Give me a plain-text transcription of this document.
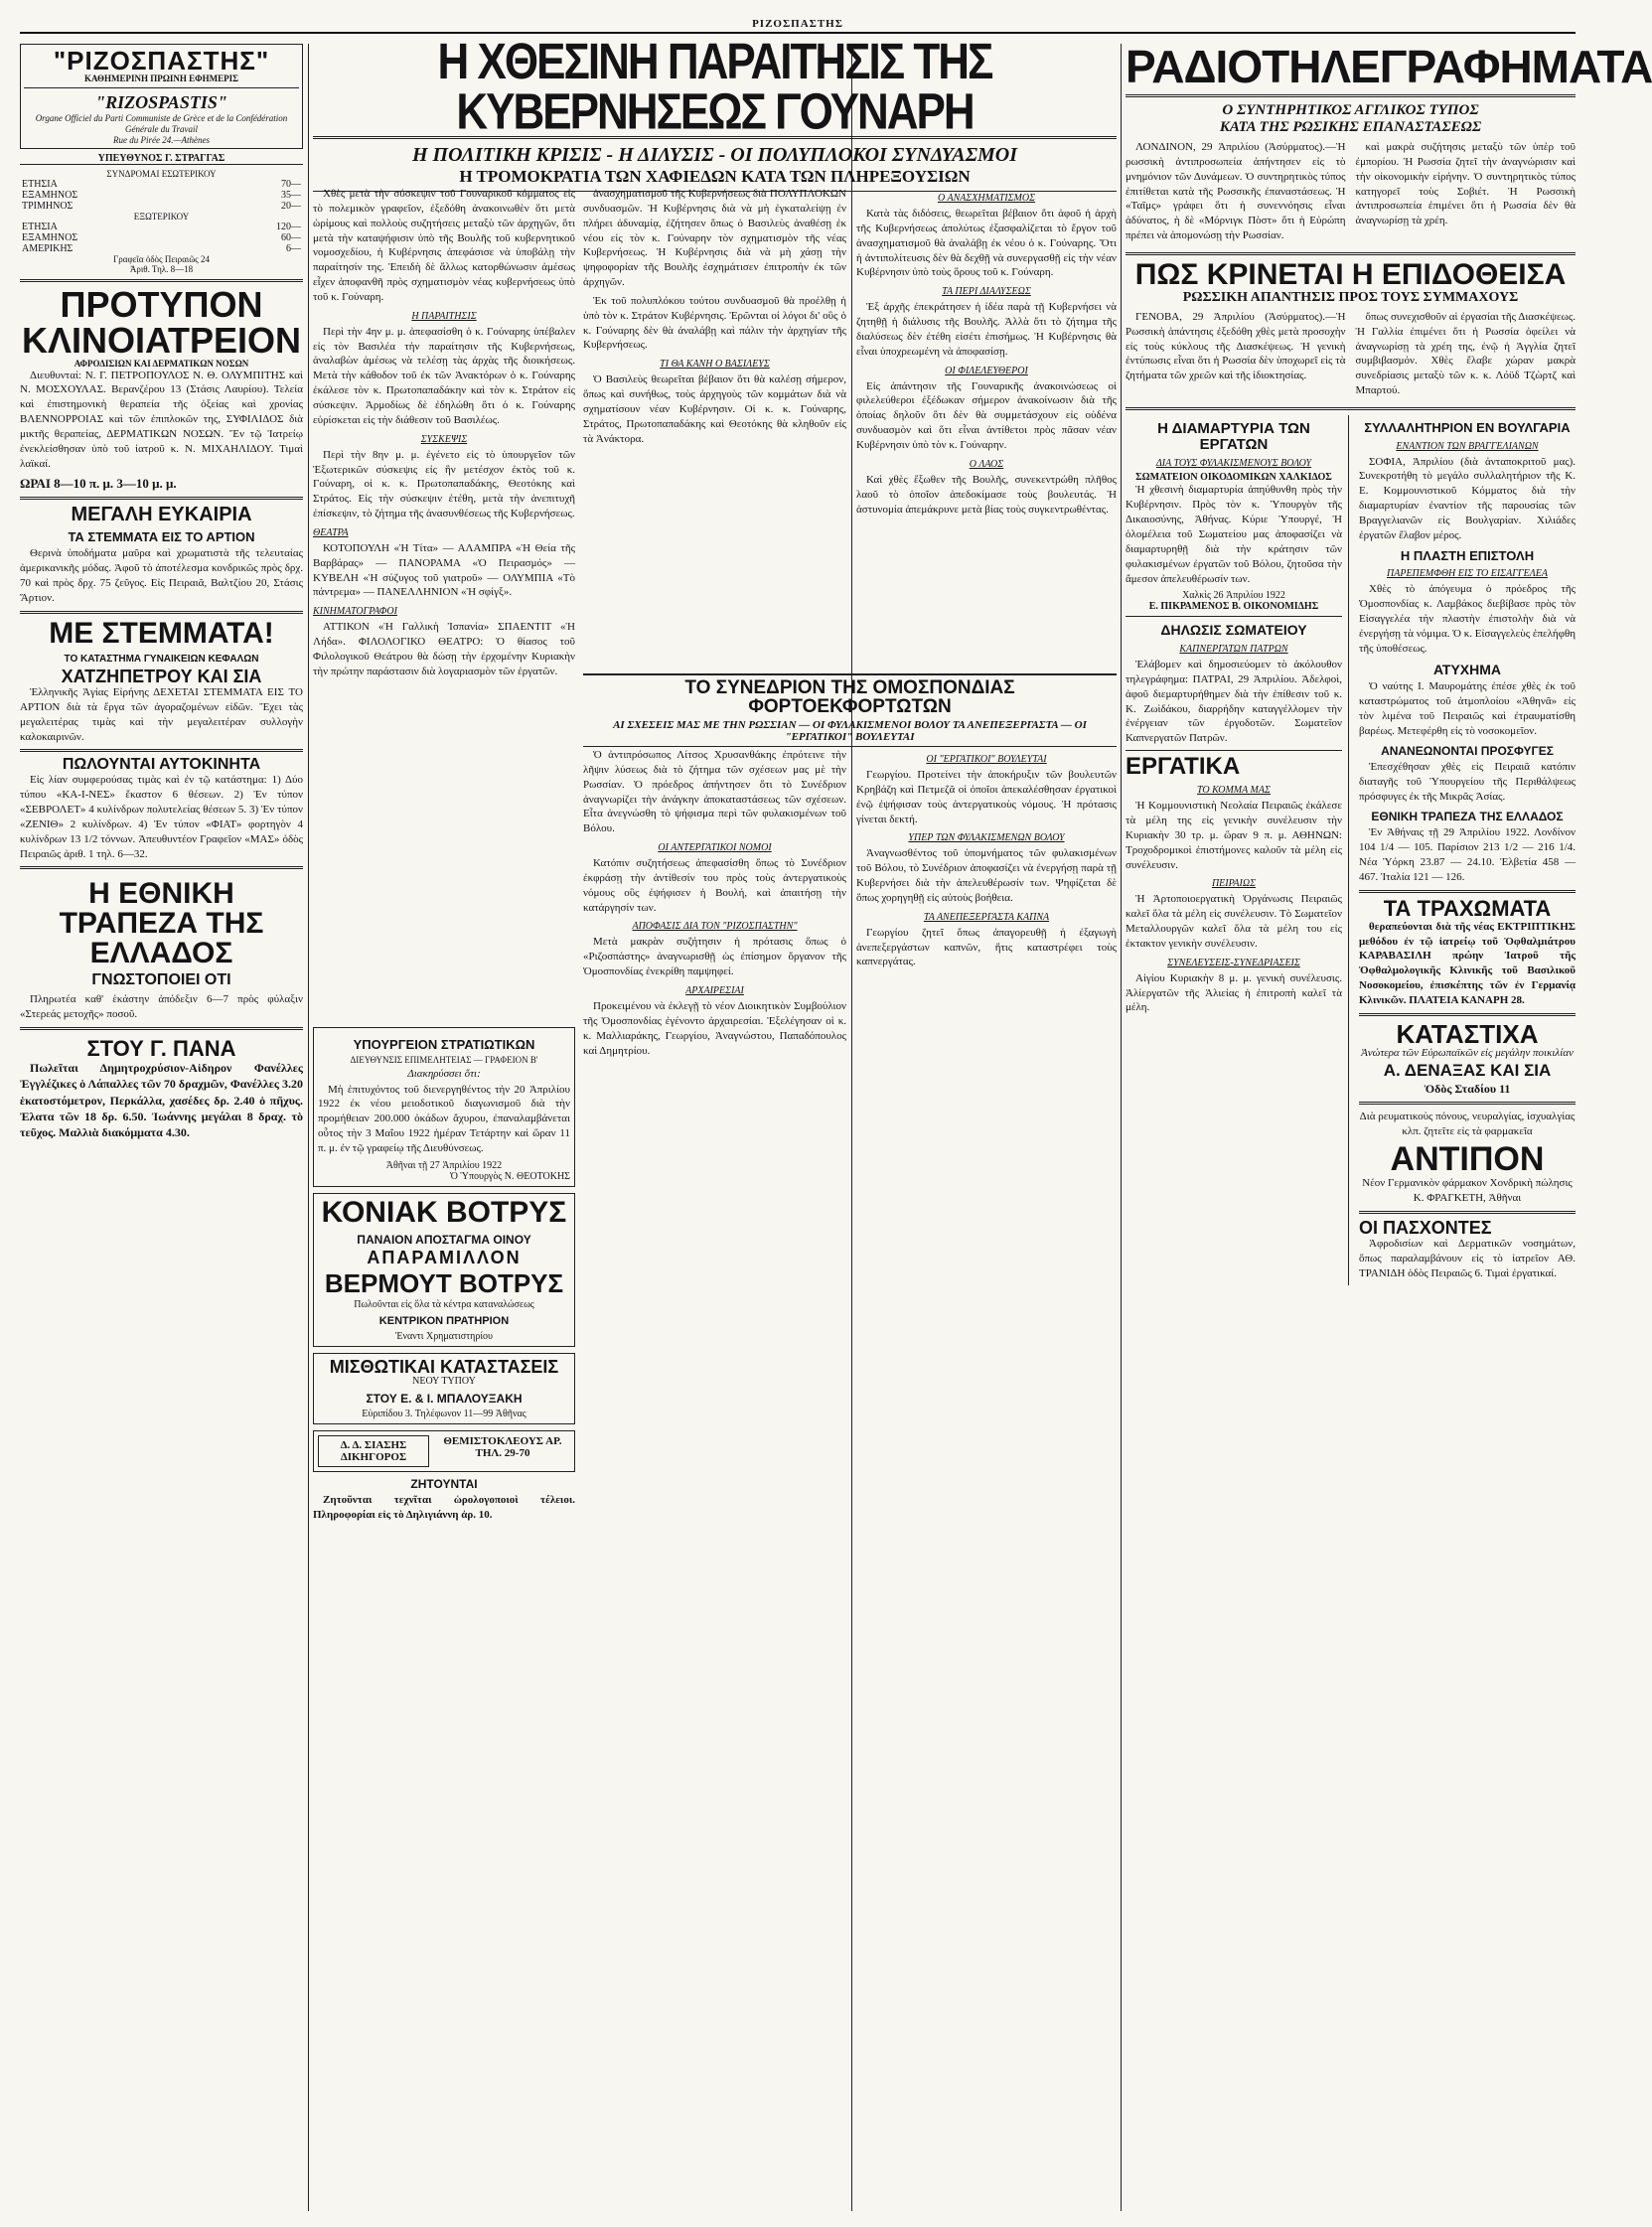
ΡΙΖΟΣΠΑΣΤΗΣ
"ΡΙΖΟΣΠΑΣΤΗΣ"
ΚΑΘΗΜΕΡΙΝΗ ΠΡΩΙΝΗ ΕΦΗΜΕΡΙΣ
"RIZOSPASTIS"
Organe Officiel du Parti Communiste de Grèce et de la Confédération Générale du Travail
Rue du Pirée 24.—Athènes
ΥΠΕΥΘΥΝΟΣ Γ. ΣΤΡΑΓΓΑΣ
ΣΥΝΔΡΟΜΑΙ ΕΣΩΤΕΡΙΚΟΥ
ΕΤΗΣΙΑ	70—
ΕΞΑΜΗΝΟΣ	35—
ΤΡΙΜΗΝΟΣ	20—
ΕΞΩΤΕΡΙΚΟΥ
ΕΤΗΣΙΑ	120—
ΕΞΑΜΗΝΟΣ	60—
ΑΜΕΡΙΚΗΣ	6—
Γραφεῖα ὁδὸς Πειραιῶς 24
Ἀριθ. Τηλ. 8—18
ΠΡΟΤΥΠΟΝ ΚΛΙΝΟΙΑΤΡΕΙΟΝ
ΑΦΡΟΔΙΣΙΩΝ ΚΑΙ ΔΕΡΜΑΤΙΚΩΝ ΝΟΣΩΝ

Διευθυνταί: Ν. Γ. ΠΕΤΡΟΠΟΥΛΟΣ Ν. Θ. ΟΛΥΜΠΙΤΗΣ καὶ Ν. ΜΟΣΧΟΥΛΑΣ. Βερανζέρου 13 (Στάσις Λαυρίου). Τελεία καὶ ἐπιστημονικὴ θεραπεία τῆς ὀξείας καὶ χρονίας ΒΛΕΝΝΟΡΡΟΙΑΣ καὶ τῶν ἐπιπλοκῶν της, ΣΥΦΙΛΙΔΟΣ διὰ μικτῆς θεραπείας, ΔΕΡΜΑΤΙΚΩΝ ΝΟΣΩΝ. Ἕν τῷ Ἰατρείῳ ἐνεκλείσθησαν ὑπὸ τοῦ ἰατροῦ κ. Ν. ΜΙΧΑΗΛΙΔΟΥ. Τιμαὶ λαϊκαί.

ΩΡΑΙ 8—10 π. μ. 3—10 μ. μ.
ΜΕΓΑΛΗ ΕΥΚΑΙΡΙΑ
ΤΑ ΣΤΕΜΜΑΤΑ ΕΙΣ ΤΟ ΑΡΤΙΟΝ

Θερινὰ ὑποδήματα μαῦρα καὶ χρωματιστὰ τῆς τελευταίας ἀμερικανικῆς μόδας. Ἀφοῦ τὸ ἀποτέλεσμα κονδρικῶς πρὸς δρχ. 70 καὶ πρὸς δρχ. 75 ζεῦγος. Εἰς Πειραιᾶ, Βαλτζίου 20, Στάσις Ἄρτιον.

ΜΕ ΣΤΕΜΜΑΤΑ!
ΤΟ ΚΑΤΑΣΤΗΜΑ ΓΥΝΑΙΚΕΙΩΝ ΚΕΦΑΛΩΝ
ΧΑΤΖΗΠΕΤΡΟΥ ΚΑΙ ΣΙΑ

Ἑλληνικῆς Ἁγίας Εἰρήνης ΔΕΧΕΤΑΙ ΣΤΕΜΜΑΤΑ ΕΙΣ ΤΟ ΑΡΤΙΟΝ διὰ τὰ ἔργα τῶν ἀγοραζομένων εἰδῶν. Ἔχει τὰς μεγαλειτέρας τιμὰς καὶ τὴν μεγαλειτέραν συλλογὴν καλοκαιρινῶν.

ΠΩΛΟΥΝΤΑΙ ΑΥΤΟΚΙΝΗΤΑ

Εἰς λίαν συμφερούσας τιμὰς καὶ ἐν τῷ κατάστημα: 1) Δύο τύπου «ΚΑ-Ι-ΝΕΣ» ἕκαστον 6 θέσεων. 2) Ἐν τύπον «ΣΕΒΡΟΛΕΤ» 4 κυλίνδρων πολυτελείας θέσεων 5. 3) Ἐν τύπον «ΖΕΝΙΘ» 2 κυλίνδρων. 4) Ἐν τύπον «ΦΙΑΤ» φορτηγὸν 4 κυλίνδρων 13 1/2 τόννων. Ἀπευθυντέον Γραφεῖον «ΜΑΣ» ὁδὸς Πειραιῶς ἀριθ. 1 τηλ. 6—32.

Η ΕΘΝΙΚΗ ΤΡΑΠΕΖΑ ΤΗΣ ΕΛΛΑΔΟΣ
ΓΝΩΣΤΟΠΟΙΕΙ ΟΤΙ

Πληρωτέα καθ' ἑκάστην ἀπόδεξιν 6—7 πρὸς φύλαξιν «Στερεάς μετοχῆς» ποσοῦ.

ΣΤΟΥ Γ. ΠΑΝΑ

Πωλεῖται Δημητροχρύσιον-Αἰδηρον Φανέλλες Ἐγγλέζικες ὁ Λάπαλλες τῶν 70 δραχμῶν, Φανέλλες 3.20 ἑκατοστόμετρον, Περκάλλα, χασέδες δρ. 2.40 ὁ πῆχυς. Ἐλατα τῶν 18 δρ. 6.50. Ἰωάννης μεγάλαι 8 δραχ. τὸ τεῦχος. Μαλλιὰ διακόμματα 4.30.

Η ΧΘΕΣΙΝΗ ΠΑΡΑΙΤΗΣΙΣ ΤΗΣ ΚΥΒΕΡΝΗΣΕΩΣ ΓΟΥΝΑΡΗ
Η ΠΟΛΙΤΙΚΗ ΚΡΙΣΙΣ - Η ΔΙΛΥΣΙΣ - ΟΙ ΠΟΛΥΠΛΟΚΟΙ ΣΥΝΔΥΑΣΜΟΙ
Η ΤΡΟΜΟΚΡΑΤΙΑ ΤΩΝ ΧΑΦΙΕΔΩΝ ΚΑΤΑ ΤΩΝ ΠΛΗΡΕΞΟΥΣΙΩΝ

Χθὲς μετὰ τὴν σύσκεψιν τοῦ Γουναρικοῦ κόμματος εἰς τὸ πολεμικὸν γραφεῖον, ἐξεδόθη ἀνακοινωθὲν ὅτι μετὰ ὡρίμους καὶ πολλοὺς συζητήσεις μεταξὺ τῶν ἀρχηγῶν, ὅτι μετὰ τὴν καταψήφισιν ὑπὸ τῆς Βουλῆς τοῦ κυβερνητικοῦ νομοσχεδίου, ἡ Κυβέρνησις ἀπεφάσισε νὰ ὑποβάλῃ τὴν παραίτησίν της. Ἐπειδὴ δὲ ἄλλως κατορθώνωσιν ἀμέσως εἶχεν ἀποφανθῆ πρὸς σχηματισμὸν νέας κυβερνήσεως ὑπὸ τοῦ κ. Γούναρη.

Η ΠΑΡΑΙΤΗΣΙΣ

Περὶ τὴν 4ην μ. μ. ἀπεφασίσθη ὁ κ. Γούναρης ὑπέβαλεν εἰς τὸν Βασιλέα τὴν παραίτησιν τῆς Κυβερνήσεως, ἀναλαβὼν ἀμέσως νὰ τελέσῃ τὰς ἀρχὰς τῆς διοικήσεως. Μετὰ τὴν κάθοδον τοῦ ἐκ τῶν Ἀνακτόρων ὁ κ. Γούναρης ἐκάλεσε τὸν κ. Πρωτοπαπαδάκην καὶ τὸν κ. Στράτον εἰς σύσκεψιν. Ἀρμοδίως δὲ ἐδηλώθη ὅτι ὁ κ. Γούναρης εὑρίσκεται εἰς τὴν διάθεσιν τοῦ Βασιλέως.

ΣΥΣΚΕΨΙΣ

Περὶ τὴν 8ην μ. μ. ἐγένετο εἰς τὸ ὑπουργεῖον τῶν Ἐξωτερικῶν σύσκεψις εἰς ἣν μετέσχον ἐκτὸς τοῦ κ. Γούναρη, οἱ κ. κ. Πρωτοπαπαδάκης, Θεοτόκης καὶ Στράτος. Εἰς τὴν σύσκεψιν ἐτέθη, μετὰ τὴν ἀνεπιτυχῆ ἐπίσκεψιν, τὸ ζήτημα τῆς ἀνασυνθέσεως τῆς Κυβερνήσεως.

ΘΕΑΤΡΑ

ΚΟΤΟΠΟΥΛΗ «Ἡ Τίτα» — ΑΛΑΜΠΡΑ «Ἡ Θεία τῆς Βαρβάρας» — ΠΑΝΟΡΑΜΑ «Ὁ Πειρασμός» — ΚΥΒΕΛΗ «Ἡ σύζυγος τοῦ γιατροῦ» — ΟΛΥΜΠΙΑ «Τὸ πάντρεμα» — ΠΑΝΕΛΛΗΝΙΟΝ «Ἡ σφίγξ».

ΚΙΝΗΜΑΤΟΓΡΑΦΟΙ

ΑΤΤΙΚΟΝ «Ἡ Γαλλικὴ Ἰσπανία» ΣΠΑΕΝΤΙΤ «Ἡ Λήδα». ΦΙΛΟΛΟΓΙΚΟ ΘΕΑΤΡΟ: Ὁ θίασος τοῦ Φιλολογικοῦ Θεάτρου θὰ δώσῃ τὴν ἐρχομένην Κυριακὴν τὴν πρώτην παράστασιν διὰ λογαριασμὸν τῶν ἐργατῶν.

ἀνασχηματισμοῦ τῆς Κυβερνήσεως διὰ ΠΟΛΥΠΛΟΚΩΝ συνδυασμῶν. Ἡ Κυβέρνησις διὰ νὰ μὴ ἐγκαταλείψῃ ἐν πλήρει ἀδυναμίᾳ, ἐζήτησεν ὅπως ὁ Βασιλεὺς ἀναθέσῃ ἐκ νέου εἰς τὸν κ. Γούναρην τὸν σχηματισμὸν τῆς νέας Κυβερνήσεως. Ἡ Κυβέρνησις διὰ νὰ μὴ χάσῃ τὴν ψηφοφορίαν τῆς Βουλῆς ἐσχημάτισεν ἐπιτροπὴν ἐκ τῶν ἀρχηγῶν.

Ἐκ τοῦ πολυπλόκου τούτου συνδυασμοῦ θὰ προέλθῃ ἡ ὑπὸ τὸν κ. Στράτον Κυβέρνησις. Ἐρῶνται οἱ λόγοι δι' οὓς ὁ κ. Γούναρης δὲν θὰ ἀναλάβῃ καὶ πάλιν τὴν ἀρχηγίαν τῆς Κυβερνήσεως.

ΤΙ ΘΑ ΚΑΝΗ Ο ΒΑΣΙΛΕΥΣ

Ὁ Βασιλεὺς θεωρεῖται βέβαιον ὅτι θὰ καλέσῃ σήμερον, ὅπως καὶ συνήθως, τοὺς ἀρχηγοὺς τῶν κομμάτων διὰ νὰ σχηματίσουν νέαν Κυβέρνησιν. Οἱ κ. κ. Γούναρης, Στράτος, Πρωτοπαπαδάκης καὶ Θεοτόκης θὰ κληθοῦν εἰς τὰ Ἀνάκτορα.

Ο ΑΝΑΣΧΗΜΑΤΙΣΜΟΣ

Κατὰ τὰς διδόσεις, θεωρεῖται βέβαιον ὅτι ἀφοῦ ἡ ἀρχὴ τῆς Κυβερνήσεως ἀπολύτως ἐξασφαλίζεται τὸ ἔργον τοῦ ἀνασχηματισμοῦ θὰ ἀναλάβῃ ἐκ νέου ὁ κ. Γούναρης. Ὅτι ἡ ἀντιπολίτευσις δὲν θὰ δεχθῇ νὰ συνεργασθῇ εἰς τὴν νέαν Κυβέρνησιν ὑπὸ τοὺς ὅρους τοῦ κ. Γούναρη.

ΤΑ ΠΕΡΙ ΔΙΑΛΥΣΕΩΣ

Ἐξ ἀρχῆς ἐπεκράτησεν ἡ ἰδέα παρὰ τῇ Κυβερνήσει νὰ ζητηθῇ ἡ διάλυσις τῆς Βουλῆς. Ἀλλὰ ὅτι τὸ ζήτημα τῆς διαλύσεως δὲν ἐτέθη εἰσέτι ἐπισήμως. Ἡ Κυβέρνησις θὰ εἶναι ὑποχρεωμένη νὰ ἀποφασίσῃ.

ΟΙ ΦΙΛΕΛΕΥΘΕΡΟΙ

Εἰς ἀπάντησιν τῆς Γουναρικῆς ἀνακοινώσεως οἱ φιλελεύθεροι ἐξέδωκαν σήμερον ἀνακοίνωσιν διὰ τῆς ὁποίας δηλοῦν ὅτι δὲν θὰ συμμετάσχουν εἰς οὐδένα συνδυασμὸν καὶ ὅτι εἶναι ἀντίθετοι πρὸς πᾶσαν νέαν Κυβέρνησιν ὑπὸ τὸν κ. Γούναρην.

Ο ΛΑΟΣ

Καὶ χθὲς ἔξωθεν τῆς Βουλῆς, συνεκεντρώθη πλῆθος λαοῦ τὸ ὁποῖον ἀπεδοκίμασε τοὺς βουλευτάς. Ἡ ἀστυνομία ἀπεμάκρυνε μετὰ βίας τοὺς συγκεντρωθέντας.

ΤΟ ΣΥΝΕΔΡΙΟΝ ΤΗΣ ΟΜΟΣΠΟΝΔΙΑΣ ΦΟΡΤΟΕΚΦΟΡΤΩΤΩΝ
ΑΙ ΣΧΕΣΕΙΣ ΜΑΣ ΜΕ ΤΗΝ ΡΩΣΣΙΑΝ — ΟΙ ΦΥΛΑΚΙΣΜΕΝΟΙ ΒΟΛΟΥ ΤΑ ΑΝΕΠΕΞΕΡΓΑΣΤΑ — ΟΙ "ΕΡΓΑΤΙΚΟΙ" ΒΟΥΛΕΥΤΑΙ
ΥΠΟΥΡΓΕΙΟΝ ΣΤΡΑΤΙΩΤΙΚΩΝ
ΔΙΕΥΘΥΝΣΙΣ ΕΠΙΜΕΛΗΤΕΙΑΣ — ΓΡΑΦΕΙΟΝ Β'
Διακηρύσσει ὅτι:

Μὴ ἐπιτυχόντος τοῦ διενεργηθέντος τὴν 20 Ἀπριλίου 1922 ἐκ νέου μειοδοτικοῦ διαγωνισμοῦ διὰ τὴν προμήθειαν 200.000 ὀκάδων ἄχυρου, ἐπαναλαμβάνεται οὗτος τὴν 3 Μαΐου 1922 ἡμέραν Τετάρτην καὶ ὥραν 11 π. μ. ἐν τῷ γραφείῳ τῆς Διευθύνσεως.

Ἀθῆναι τῇ 27 Ἀπριλίου 1922
Ὁ Ὑπουργὸς Ν. ΘΕΟΤΟΚΗΣ
ΚΟΝΙΑΚ ΒΟΤΡΥΣ
ΠΑΝΑΙΟΝ ΑΠΟΣΤΑΓΜΑ ΟΙΝΟΥ
ΑΠΑΡΑΜΙΛΛΟΝ
ΒΕΡΜΟΥΤ ΒΟΤΡΥΣ
Πωλοῦνται εἰς ὅλα τὰ κέντρα καταναλώσεως
ΚΕΝΤΡΙΚΟΝ ΠΡΑΤΗΡΙΟΝ
Ἐναντι Χρηματιστηρίου
ΜΙΣΘΩΤΙΚΑΙ ΚΑΤΑΣΤΑΣΕΙΣ
ΝΕΟΥ ΤΥΠΟΥ
ΣΤΟΥ Ε. & Ι. ΜΠΑΛΟΥΞΑΚΗ
Εὐριπίδου 3. Τηλέφωνον 11—99 Ἀθῆνας
Δ. Δ. ΣΙΑΣΗΣ ΔΙΚΗΓΟΡΟΣ
ΘΕΜΙΣΤΟΚΛΕΟΥΣ ΑΡ. ΤΗΛ. 29-70
ΖΗΤΟΥΝΤΑΙ

Ζητοῦνται τεχνῖται ὡρολογοποιοὶ τέλειοι. Πληροφορίαι εἰς τὸ Δηλιγιάννη ἀρ. 10.

Ὁ ἀντιπρόσωπος Λίτσος Χρυσανθάκης ἐπρότεινε τὴν λῆψιν λύσεως διὰ τὸ ζήτημα τῶν σχέσεων μας μὲ τὴν Ρωσσίαν. Ὁ πρόεδρος ἀπήντησεν ὅτι τὸ Συνέδριον ἀναγνωρίζει τὴν ἀνάγκην ἀποκαταστάσεως τῶν σχέσεων. Εἶτα ἀνεγνώσθη τὸ ψήφισμα περὶ τῶν φυλακισμένων τοῦ Βόλου.

ΟΙ ΑΝΤΕΡΓΑΤΙΚΟΙ ΝΟΜΟΙ

Κατόπιν συζητήσεως ἀπεφασίσθη ὅπως τὸ Συνέδριον ἐκφράσῃ τὴν ἀντίθεσίν του πρὸς τοὺς ἀντεργατικοὺς νόμους οὓς ἐψήφισεν ἡ Βουλή, καὶ ἀπαιτήσῃ τὴν κατάργησίν των.

ΑΠΟΦΑΣΙΣ ΔΙΑ ΤΟΝ "ΡΙΖΟΣΠΑΣΤΗΝ"

Μετὰ μακρὰν συζήτησιν ἡ πρότασις ὅπως ὁ «Ριζοσπάστης» ἀναγνωρισθῇ ὡς ἐπίσημον ὄργανον τῆς Ὁμοσπονδίας ἐνεκρίθη παμψηφεί.

ΑΡΧΑΙΡΕΣΙΑΙ

Προκειμένου νὰ ἐκλεγῇ τὸ νέον Διοικητικὸν Συμβούλιον τῆς Ὁμοσπονδίας ἐγένοντο ἀρχαιρεσίαι. Ἐξελέγησαν οἱ κ. κ. Μαλλιαράκης, Γεωργίου, Ἀναγνώστου, Παπαδόπουλος καὶ Δημητρίου.

ΟΙ "ΕΡΓΑΤΙΚΟΙ" ΒΟΥΛΕΥΤΑΙ

Γεωργίου. Προτείνει τὴν ἀποκήρυξιν τῶν βουλευτῶν Κρηβάζη καὶ Πετμεζᾶ οἱ ὁποῖοι ἀπεκαλέσθησαν ἐργατικοὶ ἐνῷ ἐψήφισαν τοὺς ἀντεργατικοὺς νόμους. Ἡ πρότασις γίνεται δεκτή.

ΥΠΕΡ ΤΩΝ ΦΥΛΑΚΙΣΜΕΝΩΝ ΒΟΛΟΥ

Ἀναγνωσθέντος τοῦ ὑπομνήματος τῶν φυλακισμένων τοῦ Βόλου, τὸ Συνέδριον ἀποφασίζει νὰ ἐνεργήσῃ παρὰ τῇ Κυβερνήσει διὰ τὴν ἀπελευθέρωσίν των. Ψηφίζεται δὲ ὅπως χορηγηθῇ εἰς αὐτοὺς βοήθεια.

ΤΑ ΑΝΕΠΕΞΕΡΓΑΣΤΑ ΚΑΠΝΑ

Γεωργίου ζητεῖ ὅπως ἀπαγορευθῇ ἡ ἐξαγωγὴ ἀνεπεξεργάστων καπνῶν, ἥτις καταστρέφει τοὺς καπνεργάτας.

ΡΑΔΙΟΤΗΛΕΓΡΑΦΗΜΑΤΑ
Ο ΣΥΝΤΗΡΗΤΙΚΟΣ ΑΓΓΛΙΚΟΣ ΤΥΠΟΣ
ΚΑΤΑ ΤΗΣ ΡΩΣΙΚΗΣ ΕΠΑΝΑΣΤΑΣΕΩΣ

ΛΟΝΔΙΝΟΝ, 29 Ἀπριλίου (Ἀσύρματος).—Ἡ ρωσσικὴ ἀντιπροσωπεία ἀπήντησεν εἰς τὸ μνημόνιον τῶν Δυνάμεων. Ὁ συντηρητικὸς τύπος ἐπιτίθεται κατὰ τῆς Ρωσσικῆς ἐπαναστάσεως. Ἡ «Ταῖμς» γράφει ὅτι ἡ συνεννόησις εἶναι ἀδύνατος, ἡ δὲ «Μόρνιγκ Πὸστ» ὅτι ἡ Εὐρώπη πρέπει νὰ ἀπομονώσῃ τὴν Ρωσσίαν.

καὶ μακρὰ συζήτησις μεταξὺ τῶν ὑπὲρ τοῦ ἐμπορίου. Ἡ Ρωσσία ζητεῖ τὴν ἀναγνώρισιν καὶ τὴν οἰκονομικὴν εἰρήνην. Ὁ συντηρητικὸς τύπος κατηγορεῖ τοὺς Σοβιέτ. Ἡ Ρωσσικὴ ἀντιπροσωπεία ἐπιμένει ὅτι ἡ Ρωσσία δὲν θὰ ἀναγνωρίσῃ τὰ χρέη.

ΠΩΣ ΚΡΙΝΕΤΑΙ Η ΕΠΙΔΟΘΕΙΣΑ
ΡΩΣΣΙΚΗ ΑΠΑΝΤΗΣΙΣ ΠΡΟΣ ΤΟΥΣ ΣΥΜΜΑΧΟΥΣ

ΓΕΝΟΒΑ, 29 Ἀπριλίου (Ἀσύρματος).—Ἡ Ρωσσικὴ ἀπάντησις ἐξεδόθη χθὲς μετὰ προσοχὴν εἰς τοὺς κύκλους τῆς Διασκέψεως. Ἡ γενικὴ ἐντύπωσις εἶναι ὅτι ἡ Ρωσσία δὲν ὑποχωρεῖ εἰς τὰ ζητήματα τῶν χρεῶν καὶ τῆς ἰδιοκτησίας.

ὅπως συνεχισθοῦν αἱ ἐργασίαι τῆς Διασκέψεως. Ἡ Γαλλία ἐπιμένει ὅτι ἡ Ρωσσία ὀφείλει νὰ ἀναγνωρίσῃ τὰ χρέη της, ἐνῷ ἡ Ἀγγλία ζητεῖ συμβιβασμόν. Χθὲς ἔλαβε χώραν μακρὰ συνεδρίασις μεταξὺ τῶν κ. κ. Λόϋδ Τζὼρτζ καὶ Μπαρτού.

Η ΔΙΑΜΑΡΤΥΡΙΑ ΤΩΝ ΕΡΓΑΤΩΝ
ΔΙΑ ΤΟΥΣ ΦΥΛΑΚΙΣΜΕΝΟΥΣ ΒΟΛΟΥ
ΣΩΜΑΤΕΙΟΝ ΟΙΚΟΔΟΜΙΚΩΝ ΧΑΛΚΙΔΟΣ

Ἡ χθεσινὴ διαμαρτυρία ἀπηύθυνθη πρὸς τὴν Κυβέρνησιν. Πρὸς τὸν κ. Ὑπουργὸν τῆς Δικαιοσύνης, Ἀθήνας. Κύριε Ὑπουργέ, Ἡ ὁλομέλεια τοῦ Σωματείου μας ἀποφασίζει νὰ διαμαρτυρηθῇ διὰ τὴν κράτησιν τῶν φυλακισμένων ἐργατῶν τοῦ Βόλου, ζητοῦσα τὴν ἄμεσον ἀπελευθέρωσίν των.

Χαλκὶς 26 Ἀπριλίου 1922
Ε. ΠΙΚΡΑΜΕΝΟΣ Β. ΟΙΚΟΝΟΜΙΔΗΣ
ΔΗΛΩΣΙΣ ΣΩΜΑΤΕΙΟΥ
ΚΑΠΝΕΡΓΑΤΩΝ ΠΑΤΡΩΝ

Ἐλάβομεν καὶ δημοσιεύομεν τὸ ἀκόλουθον τηλεγράφημα: ΠΑΤΡΑΙ, 29 Ἀπριλίου. Ἀδελφοὶ, ἀφοῦ διεμαρτυρήθημεν διὰ τὴν ἐπίθεσιν τοῦ κ. Κ. Ζωὶδάκου, διαρρήδην καταγγέλλομεν τὴν ἐνέργειαν τῶν ἐργοδοτῶν. Σωματεῖον Καπνεργατῶν Πατρῶν.

ΕΡΓΑΤΙΚΑ
ΤΟ ΚΟΜΜΑ ΜΑΣ

Ἡ Κομμουνιστικὴ Νεολαία Πειραιῶς ἐκάλεσε τὰ μέλη της εἰς γενικὴν συνέλευσιν τὴν Κυριακὴν 30 τρ. μ. ὥραν 9 π. μ. ΑΘΗΝΩΝ: Τροχοδρομικοὶ ἐπιστήμονες καλοῦν τὰ μέλη εἰς συνέλευσιν.

ΠΕΙΡΑΙΩΣ

Ἡ Ἀρτοποιοεργατικὴ Ὀργάνωσις Πειραιῶς καλεῖ ὅλα τὰ μέλη εἰς συνέλευσιν. Τὸ Σωματεῖον Μεταλλουργῶν καλεῖ ὅλα τὰ μέλη του εἰς ἐκτακτον γενικὴν συνέλευσιν.

ΣΥΝΕΛΕΥΣΕΙΣ-ΣΥΝΕΔΡΙΑΣΕΙΣ

Αἰγίου Κυριακὴν 8 μ. μ. γενικὴ συνέλευσις. Ἀλίεργατῶν τῆς Ἀλιείας ἡ ἐπιτροπὴ καλεῖ τὰ μέλη.

ΣΥΛΛΑΛΗΤΗΡΙΟΝ ΕΝ ΒΟΥΛΓΑΡΙΑ
ΕΝΑΝΤΙΟΝ ΤΩΝ ΒΡΑΓΓΕΛΙΑΝΩΝ

ΣΟΦΙΑ, Ἀπριλίου (διὰ ἀνταποκριτοῦ μας). Συνεκροτήθη τὸ μεγάλο συλλαλητήριον τῆς Κ. Ε. Κομμουνιστικοῦ Κόμματος διὰ τὴν διαμαρτυρίαν ἐναντίον τῆς παρουσίας τῶν Βραγγελιανῶν εἰς Βουλγαρίαν. Χιλιάδες ἐργατῶν ἔλαβον μέρος.

Η ΠΛΑΣΤΗ ΕΠΙΣΤΟΛΗ
ΠΑΡΕΠΕΜΦΘΗ ΕΙΣ ΤΟ ΕΙΣΑΓΓΕΛΕΑ

Χθὲς τὸ ἀπόγευμα ὁ πρόεδρος τῆς Ὁμοσπονδίας κ. Λαμβάκος διεβίβασε πρὸς τὸν Εἰσαγγελέα τὴν πλαστὴν ἐπιστολὴν διὰ νὰ ἐνεργήσῃ τὰ νόμιμα. Ὁ κ. Εἰσαγγελεὺς ἐπελήφθη τῆς ὑποθέσεως.

ΑΤΥΧΗΜΑ

Ὁ ναύτης Ι. Μαυρομάτης ἐπέσε χθὲς ἐκ τοῦ καταστρώματος τοῦ ἀτμοπλοίου «Ἀθηνᾶ» εἰς τὸν λιμένα τοῦ Πειραιῶς καὶ ἐτραυματίσθη βαρέως. Μετεφέρθη εἰς τὸ νοσοκομεῖον.

ΑΝΑΝΕΩΝΟΝΤΑΙ ΠΡΟΣΦΥΓΕΣ

Ἐπεσχέθησαν χθὲς εἰς Πειραιᾶ κατόπιν διαταγῆς τοῦ Ὑπουργείου τῆς Περιθάλψεως πρόσφυγες ἐκ τῆς Μικρᾶς Ἀσίας.

ΕΘΝΙΚΗ ΤΡΑΠΕΖΑ ΤΗΣ ΕΛΛΑΔΟΣ

Ἐν Ἀθήναις τῇ 29 Ἀπριλίου 1922. Λονδίνον 104 1/4 — 105. Παρίσιον 213 1/2 — 216 1/4. Νέα Ὑόρκη 23.87 — 24.10. Ἐλβετία 458 — 467. Ἰταλία 121 — 126.

ΤΑ ΤΡΑΧΩΜΑΤΑ

θεραπεύονται διὰ τῆς νέας ΕΚΤΡΙΠΤΙΚΗΣ μεθόδου ἐν τῷ ἰατρείῳ τοῦ Ὀφθαλμιάτρου ΚΑΡΑΒΑΣΙΛΗ πρώην Ἰατροῦ τῆς Ὀφθαλμολογικῆς Κλινικῆς τοῦ Βασιλικοῦ Νοσοκομείου, ἐπισκέπτης τῶν ἐν Γερμανίᾳ Κλινικῶν. ΠΛΑΤΕΙΑ ΚΑΝΑΡΗ 28.

ΚΑΤΑΣΤΙΧΑ
Ἀνώτερα τῶν Εὐρωπαϊκῶν εἰς μεγάλην ποικιλίαν
Α. ΔΕΝΑΞΑΣ ΚΑΙ ΣΙΑ
Ὁδὸς Σταδίου 11

Διὰ ρευματικοὺς πόνους, νευραλγίας, ἰσχυαλγίας κλπ. ζητεῖτε εἰς τὰ φαρμακεῖα

ΑΝΤΙΠΟΝ

Νέον Γερμανικὸν φάρμακον Χονδρικὴ πώλησις Κ. ΦΡΑΓΚΕΤΗ, Ἀθῆναι

ΟΙ ΠΑΣΧΟΝΤΕΣ

Ἀφροδισίων καὶ Δερματικῶν νοσημάτων, ὅπως παραλαμβάνουν εἰς τὸ ἰατρεῖον ΑΘ. ΤΡΑΝΙΔΗ ὁδὸς Πειραιῶς 6. Τιμαὶ ἐργατικαί.
